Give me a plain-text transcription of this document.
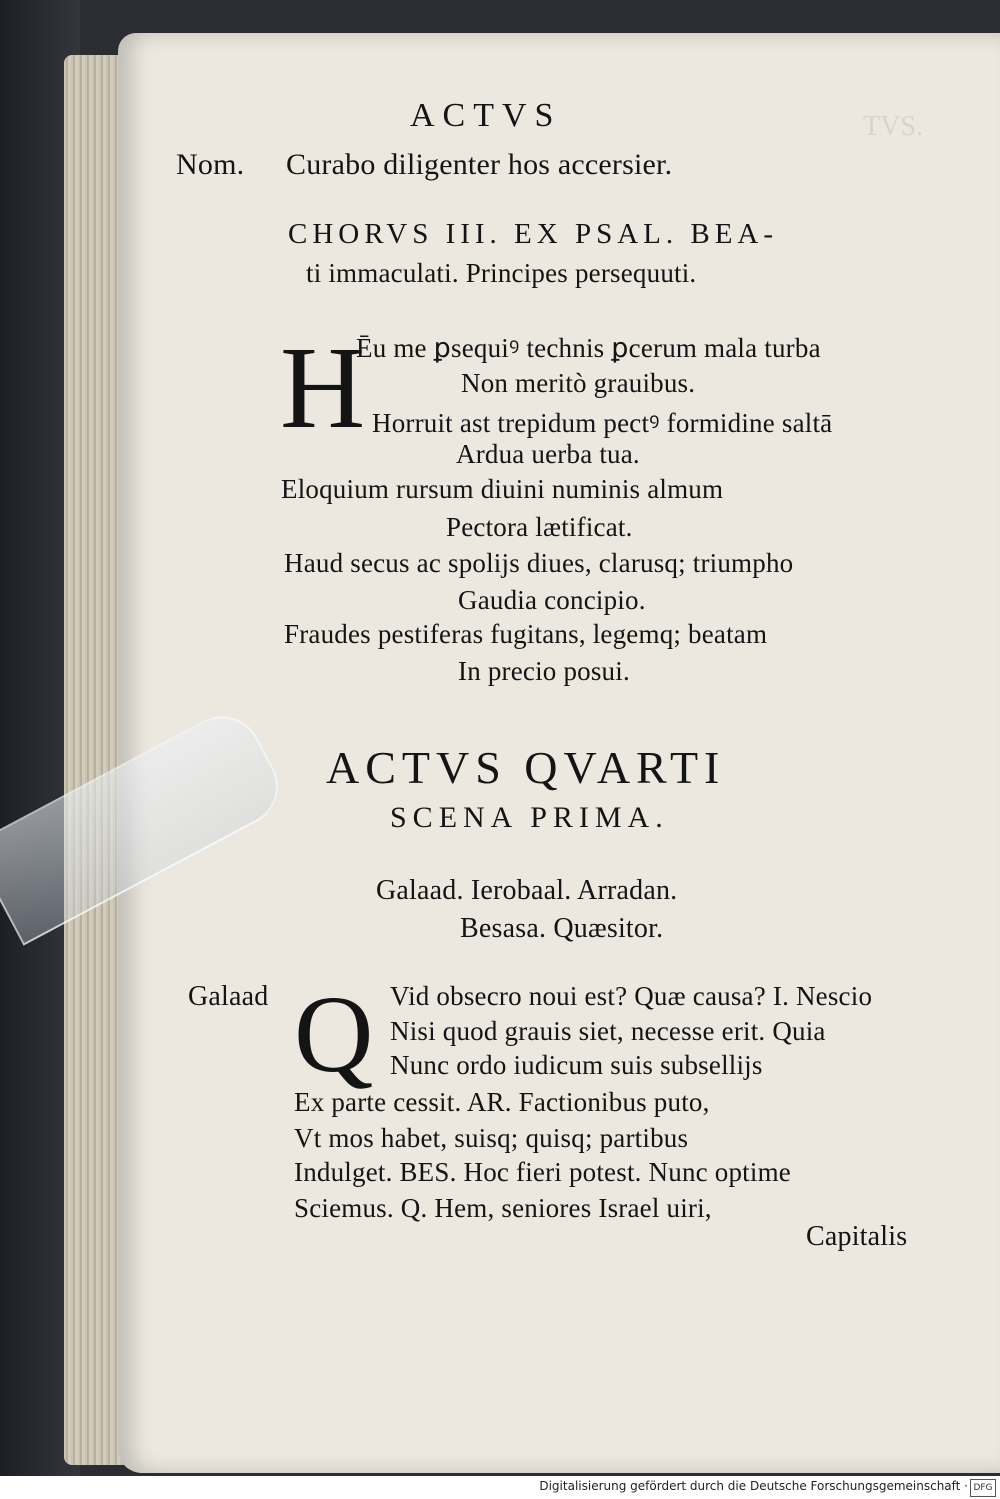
TVS.
ACTVS
Nom. Curabo diligenter hos accersier.
CHORVS III. EX PSAL. BEA-
ti immaculati. Principes persequuti.
H
Ēu me ꝑsequiꝰ technis ꝑcerum mala turba
Non meritò grauibus.
Horruit ast trepidum pectꝰ formidine saltā
Ardua uerba tua.
Eloquium rursum diuini numinis almum
Pectora lætificat.
Haud secus ac spolijs diues, clarusq; triumpho
Gaudia concipio.
Fraudes pestiferas fugitans, legemq; beatam
In precio posui.
ACTVS QVARTI
SCENA PRIMA.
Galaad. Ierobaal. Arradan.
Besasa. Quæsitor.
Galaad Q Vid obsecro noui est? Quæ causa? I. Nescio
Nisi quod grauis siet, necesse erit. Quia
Nunc ordo iudicum suis subsellijs
Ex parte cessit. AR. Factionibus puto,
Vt mos habet, suisq; quisq; partibus
Indulget. BES. Hoc fieri potest. Nunc optime
Sciemus. Q. Hem, seniores Israel uiri,
Capitalis
Digitalisierung gefördert durch die Deutsche Forschungsgemeinschaft · DFG
